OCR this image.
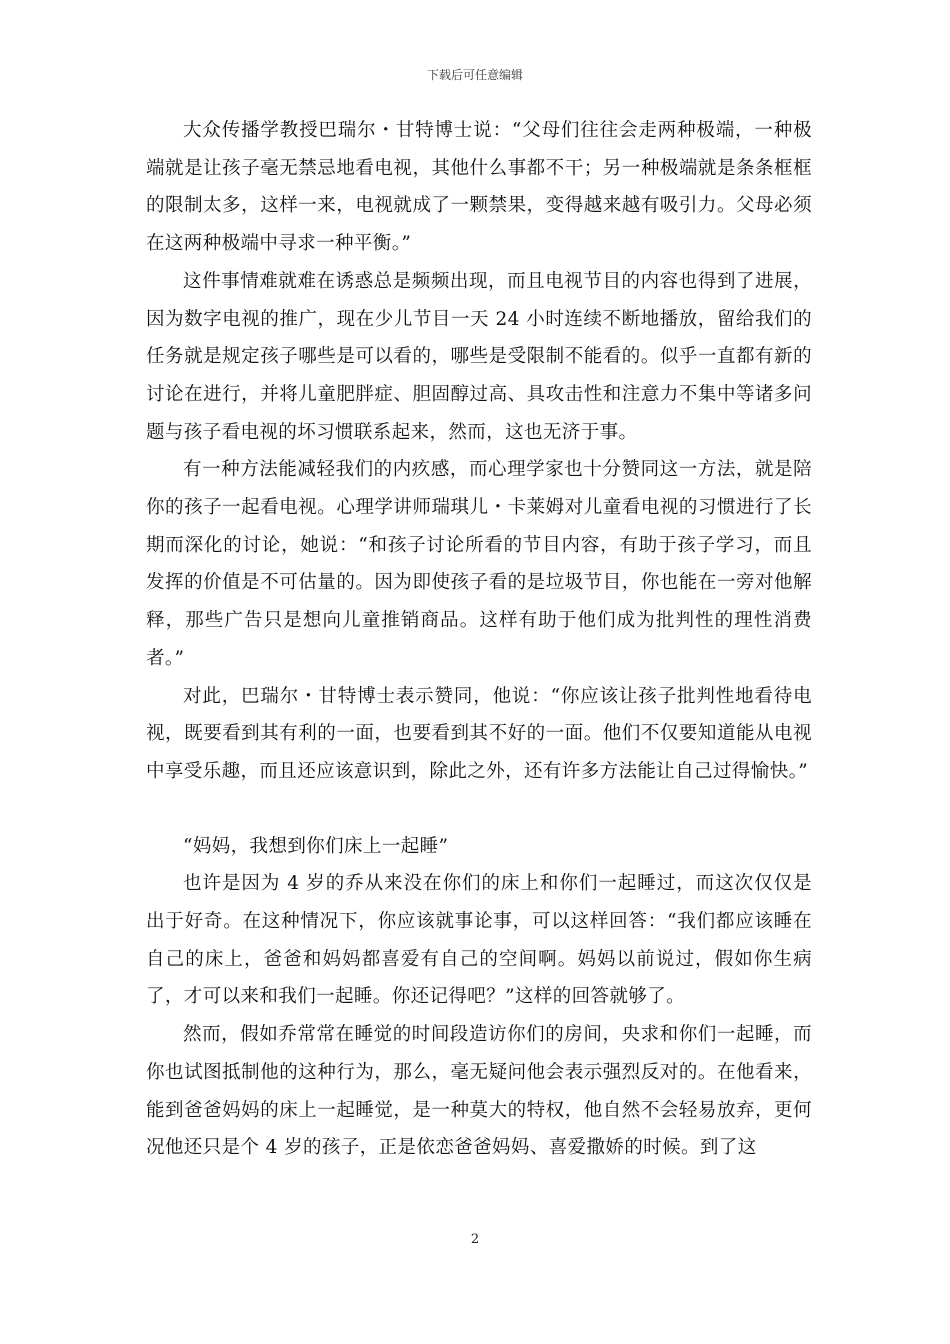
下载后可任意编辑

大众传播学教授巴瑞尔・甘特博士说：“父母们往往会走两种极端，一种极端就是让孩子毫无禁忌地看电视，其他什么事都不干；另一种极端就是条条框框的限制太多，这样一来，电视就成了一颗禁果，变得越来越有吸引力。父母必须在这两种极端中寻求一种平衡。”

这件事情难就难在诱惑总是频频出现，而且电视节目的内容也得到了进展，因为数字电视的推广，现在少儿节目一天 24 小时连续不断地播放，留给我们的任务就是规定孩子哪些是可以看的，哪些是受限制不能看的。似乎一直都有新的讨论在进行，并将儿童肥胖症、胆固醇过高、具攻击性和注意力不集中等诸多问题与孩子看电视的坏习惯联系起来，然而，这也无济于事。

有一种方法能减轻我们的内疚感，而心理学家也十分赞同这一方法，就是陪你的孩子一起看电视。心理学讲师瑞琪儿・卡莱姆对儿童看电视的习惯进行了长期而深化的讨论，她说：“和孩子讨论所看的节目内容，有助于孩子学习，而且发挥的价值是不可估量的。因为即使孩子看的是垃圾节目，你也能在一旁对他解释，那些广告只是想向儿童推销商品。这样有助于他们成为批判性的理性消费者。”

对此，巴瑞尔・甘特博士表示赞同，他说：“你应该让孩子批判性地看待电视，既要看到其有利的一面，也要看到其不好的一面。他们不仅要知道能从电视中享受乐趣，而且还应该意识到，除此之外，还有许多方法能让自己过得愉快。”

“妈妈，我想到你们床上一起睡”

也许是因为 4 岁的乔从来没在你们的床上和你们一起睡过，而这次仅仅是出于好奇。在这种情况下，你应该就事论事，可以这样回答：“我们都应该睡在自己的床上，爸爸和妈妈都喜爱有自己的空间啊。妈妈以前说过，假如你生病了，才可以来和我们一起睡。你还记得吧？”这样的回答就够了。

然而，假如乔常常在睡觉的时间段造访你们的房间，央求和你们一起睡，而你也试图抵制他的这种行为，那么，毫无疑问他会表示强烈反对的。在他看来，能到爸爸妈妈的床上一起睡觉，是一种莫大的特权，他自然不会轻易放弃，更何况他还只是个 4 岁的孩子，正是依恋爸爸妈妈、喜爱撒娇的时候。到了这

2
